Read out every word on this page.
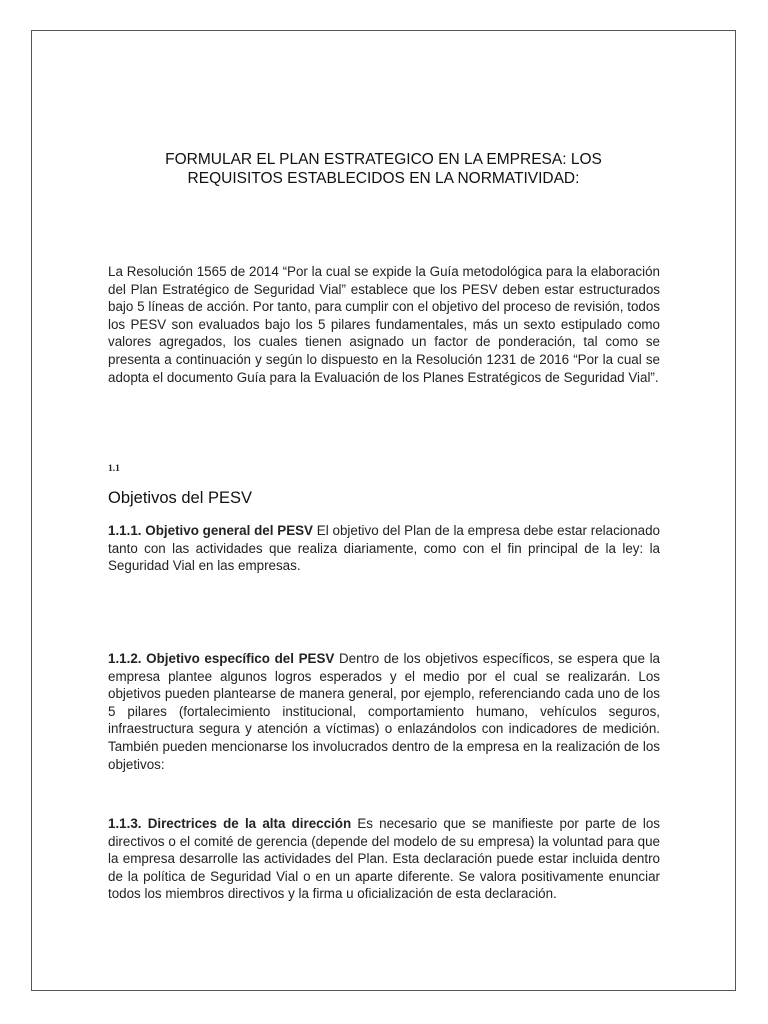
FORMULAR EL PLAN ESTRATEGICO EN LA EMPRESA: LOS
REQUISITOS ESTABLECIDOS EN LA NORMATIVIDAD:

La Resolución 1565 de 2014 “Por la cual se expide la Guía metodológica para la elaboración del Plan Estratégico de Seguridad Vial” establece que los PESV deben estar estructurados bajo 5 líneas de acción. Por tanto, para cumplir con el objetivo del proceso de revisión, todos los PESV son evaluados bajo los 5 pilares fundamentales, más un sexto estipulado como valores agregados, los cuales tienen asignado un factor de ponderación, tal como se presenta a continuación y según lo dispuesto en la Resolución 1231 de 2016 “Por la cual se adopta el documento Guía para la Evaluación de los Planes Estratégicos de Seguridad Vial”.

1.1
Objetivos del PESV

1.1.1. Objetivo general del PESV El objetivo del Plan de la empresa debe estar relacionado tanto con las actividades que realiza diariamente, como con el fin principal de la ley: la Seguridad Vial en las empresas.

1.1.2. Objetivo específico del PESV Dentro de los objetivos específicos, se espera que la empresa plantee algunos logros esperados y el medio por el cual se realizarán. Los objetivos pueden plantearse de manera general, por ejemplo, referenciando cada uno de los 5 pilares (fortalecimiento institucional, comportamiento humano, vehículos seguros, infraestructura segura y atención a víctimas) o enlazándolos con indicadores de medición. También pueden mencionarse los involucrados dentro de la empresa en la realización de los objetivos:

1.1.3. Directrices de la alta dirección Es necesario que se manifieste por parte de los directivos o el comité de gerencia (depende del modelo de su empresa) la voluntad para que la empresa desarrolle las actividades del Plan. Esta declaración puede estar incluida dentro de la política de Seguridad Vial o en un aparte diferente. Se valora positivamente enunciar todos los miembros directivos y la firma u oficialización de esta declaración.
